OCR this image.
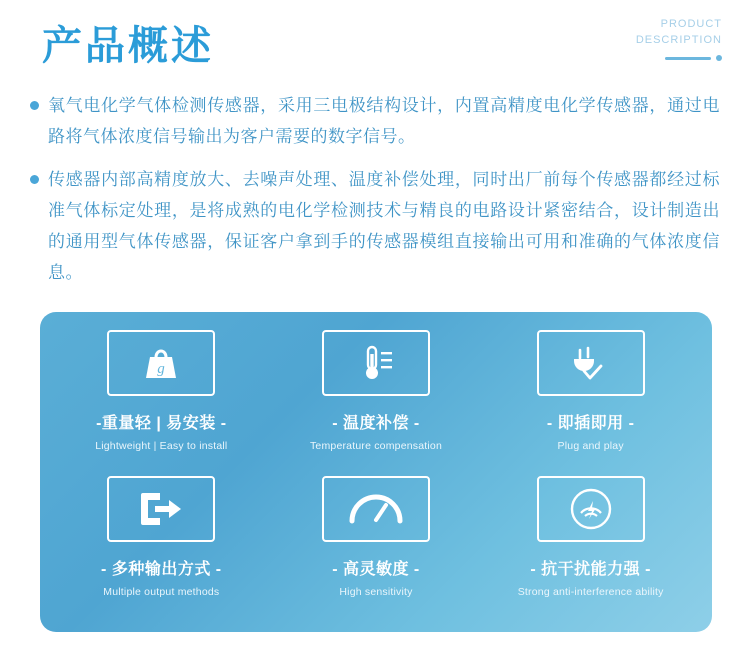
产品概述	PRODUCT
DESCRIPTION
氧气电化学气体检测传感器，采用三电极结构设计，内置高精度电化学传感器，通过电路将气体浓度信号输出为客户需要的数字信号。
传感器内部高精度放大、去噪声处理、温度补偿处理，同时出厂前每个传感器都经过标准气体标定处理，是将成熟的电化学检测技术与精良的电路设计紧密结合，设计制造出的通用型气体传感器，保证客户拿到手的传感器模组直接输出可用和准确的气体浓度信息。
g
-重量轻 | 易安装 -
Lightweight | Easy to install
- 温度补偿 -
Temperature compensation
- 即插即用 -
Plug and play
- 多种输出方式 -
Multiple output methods
- 高灵敏度 -
High sensitivity
- 抗干扰能力强 -
Strong anti-interference ability
